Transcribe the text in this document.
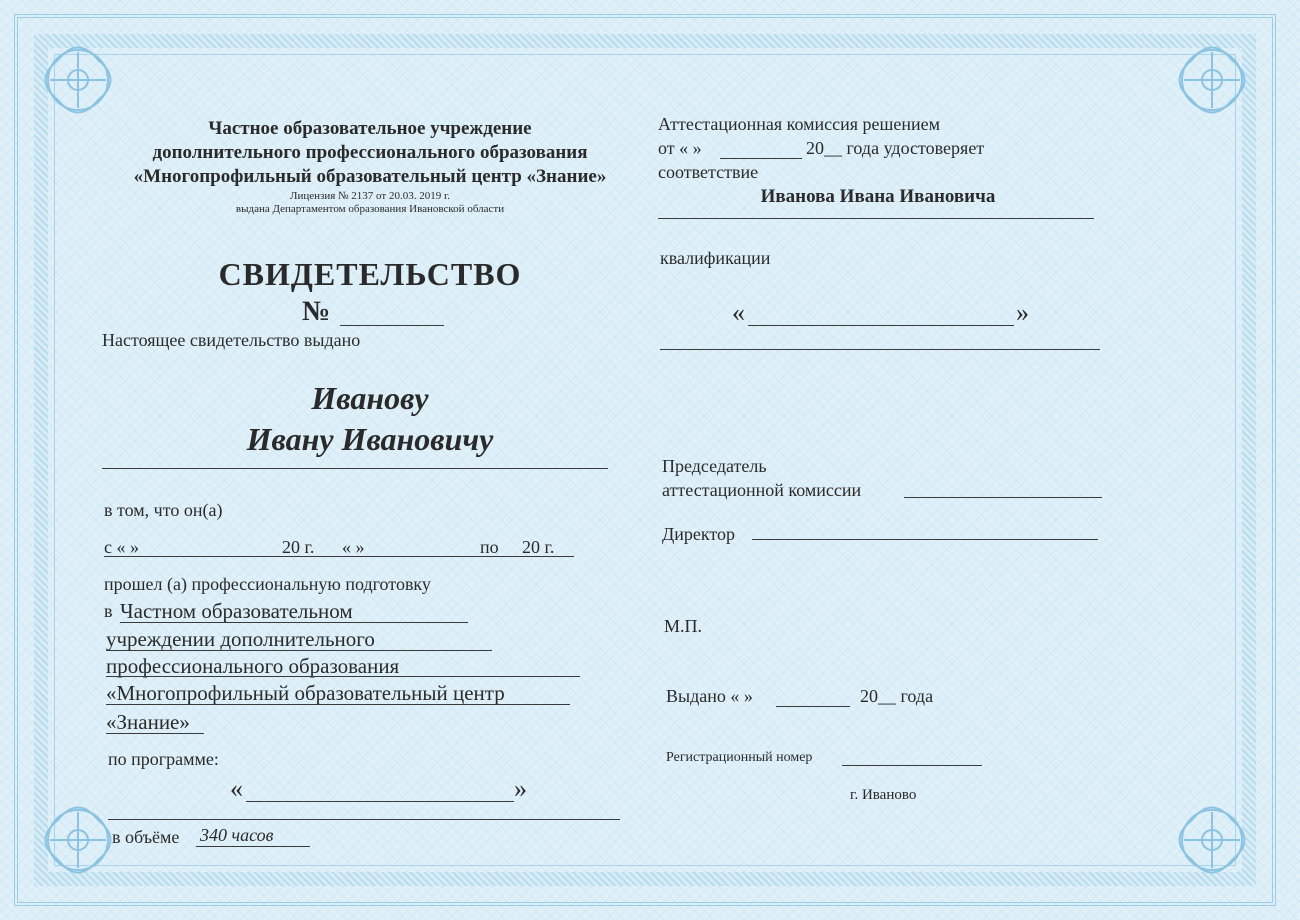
Частное образовательное учреждение
дополнительного профессионального образования
«Многопрофильный образовательный центр «Знание»
Лицензия № 2137 от 20.03. 2019 г.
выдана Департаментом образования Ивановской области
СВИДЕТЕЛЬСТВО
№
Настоящее свидетельство выдано
Иванову
Ивану Ивановичу
в том, что он(а)
с « »	20 г. « »	по 20 г.
прошел (а) профессиональную подготовку
в Частном образовательном
учреждении дополнительного
профессионального образования
«Многопрофильный образовательный центр
«Знание»
по программе:
«	»
в объёме 340 часов
Аттестационная комиссия решением
от « »	20__ года удостоверяет
соответствие
Иванова Ивана Ивановича
квалификации
«	»
Председатель
аттестационной комиссии
Директор
М.П.
Выдано « »	20__ года
Регистрационный номер
г. Иваново
